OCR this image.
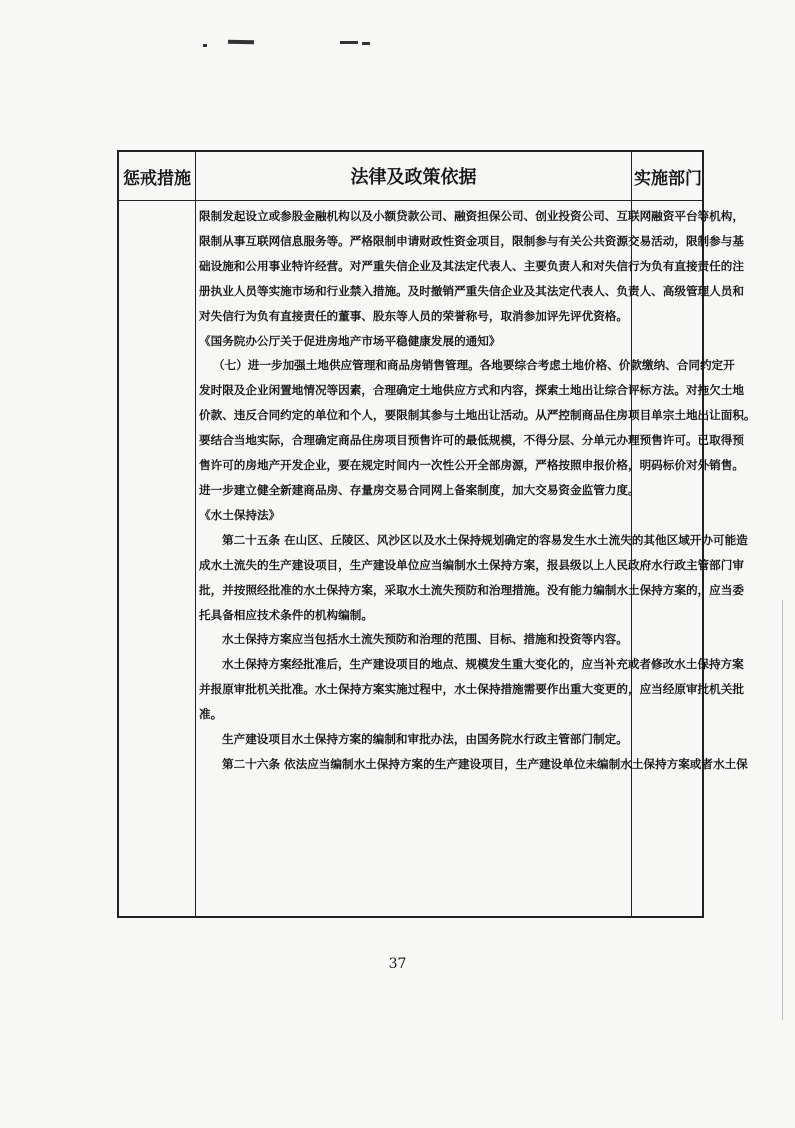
惩戒措施	法律及政策依据	实施部门

限制发起设立或参股金融机构以及小额贷款公司、融资担保公司、创业投资公司、互联网融资平台等机构，

限制从事互联网信息服务等。严格限制申请财政性资金项目，限制参与有关公共资源交易活动，限制参与基

础设施和公用事业特许经营。对严重失信企业及其法定代表人、主要负责人和对失信行为负有直接责任的注

册执业人员等实施市场和行业禁入措施。及时撤销严重失信企业及其法定代表人、负责人、高级管理人员和

对失信行为负有直接责任的董事、股东等人员的荣誉称号，取消参加评先评优资格。

《国务院办公厅关于促进房地产市场平稳健康发展的通知》

（七）进一步加强土地供应管理和商品房销售管理。各地要综合考虑土地价格、价款缴纳、合同约定开

发时限及企业闲置地情况等因素，合理确定土地供应方式和内容，探索土地出让综合评标方法。对拖欠土地

价款、违反合同约定的单位和个人，要限制其参与土地出让活动。从严控制商品住房项目单宗土地出让面积。

要结合当地实际，合理确定商品住房项目预售许可的最低规模，不得分层、分单元办理预售许可。已取得预

售许可的房地产开发企业，要在规定时间内一次性公开全部房源，严格按照申报价格，明码标价对外销售。

进一步建立健全新建商品房、存量房交易合同网上备案制度，加大交易资金监管力度。

《水土保持法》

第二十五条 在山区、丘陵区、风沙区以及水土保持规划确定的容易发生水土流失的其他区域开办可能造

成水土流失的生产建设项目，生产建设单位应当编制水土保持方案，报县级以上人民政府水行政主管部门审

批，并按照经批准的水土保持方案，采取水土流失预防和治理措施。没有能力编制水土保持方案的，应当委

托具备相应技术条件的机构编制。

水土保持方案应当包括水土流失预防和治理的范围、目标、措施和投资等内容。

水土保持方案经批准后，生产建设项目的地点、规模发生重大变化的，应当补充或者修改水土保持方案

并报原审批机关批准。水土保持方案实施过程中，水土保持措施需要作出重大变更的，应当经原审批机关批

准。

生产建设项目水土保持方案的编制和审批办法，由国务院水行政主管部门制定。

第二十六条 依法应当编制水土保持方案的生产建设项目，生产建设单位未编制水土保持方案或者水土保

37
